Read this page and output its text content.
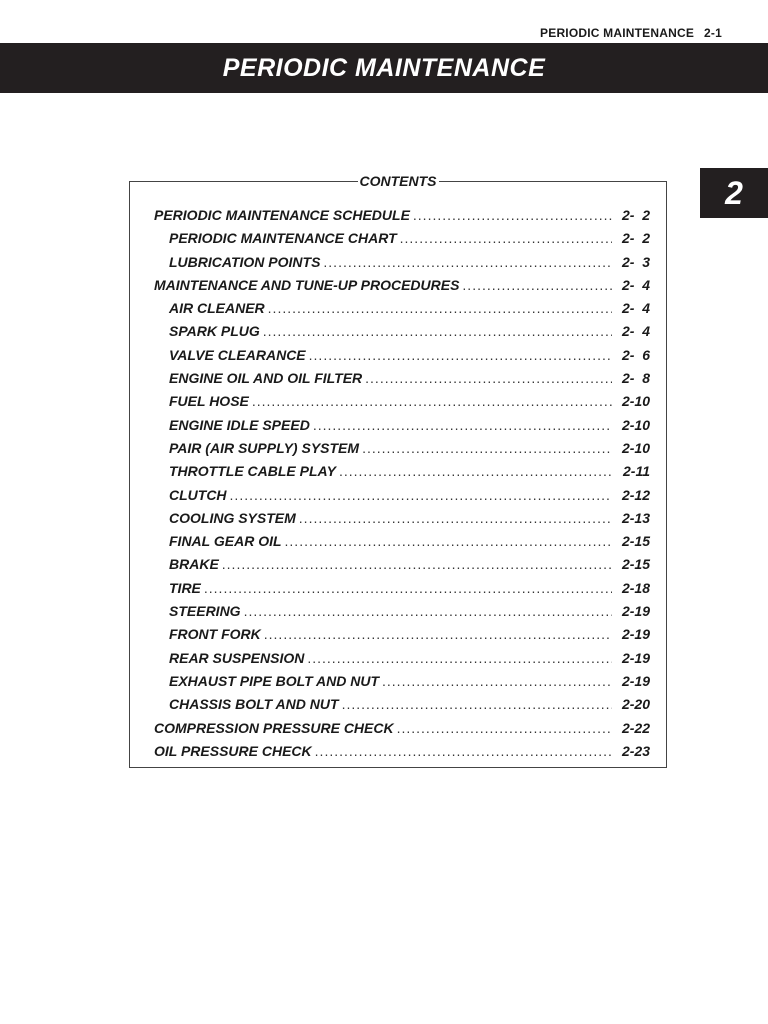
PERIODIC MAINTENANCE 2-1
PERIODIC MAINTENANCE
2
CONTENTS
PERIODIC MAINTENANCE SCHEDULE .....	2-  2
PERIODIC MAINTENANCE CHART .....	2-  2
LUBRICATION POINTS .....	2-  3
MAINTENANCE AND TUNE-UP PROCEDURES .....	2-  4
AIR CLEANER .....	2-  4
SPARK PLUG .....	2-  4
VALVE CLEARANCE .....	2-  6
ENGINE OIL AND OIL FILTER .....	2-  8
FUEL HOSE .....	2-10
ENGINE IDLE SPEED .....	2-10
PAIR (AIR SUPPLY) SYSTEM .....	2-10
THROTTLE CABLE PLAY .....	2-11
CLUTCH .....	2-12
COOLING SYSTEM .....	2-13
FINAL GEAR OIL .....	2-15
BRAKE .....	2-15
TIRE .....	2-18
STEERING .....	2-19
FRONT FORK .....	2-19
REAR SUSPENSION .....	2-19
EXHAUST PIPE BOLT AND NUT .....	2-19
CHASSIS BOLT AND NUT .....	2-20
COMPRESSION PRESSURE CHECK .....	2-22
OIL PRESSURE CHECK .....	2-23
